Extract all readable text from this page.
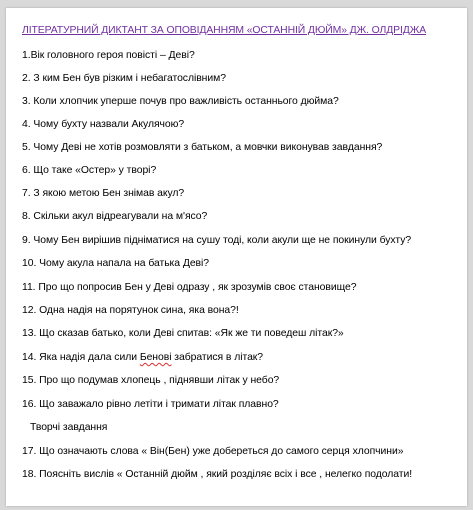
ЛІТЕРАТУРНИЙ ДИКТАНТ ЗА ОПОВІДАННЯМ «ОСТАННІЙ ДЮЙМ» ДЖ. ОЛДРІДЖА
1.Вік головного героя повісті – Деві?
2. З ким Бен був різким і небагатослівним?
3. Коли хлопчик уперше почув про важливість останнього дюйма?
4. Чому бухту назвали Акулячою?
5. Чому Деві не хотів розмовляти з батьком, а мовчки виконував завдання?
6. Що таке «Остер» у творі?
7. З якою метою Бен знімав акул?
8. Скільки акул відреагували на м'ясо?
9. Чому Бен вирішив підніматися на сушу тоді, коли акули ще не покинули бухту?
10. Чому акула напала на батька Деві?
11. Про що попросив Бен у Деві одразу , як зрозумів своє становище?
12. Одна надія на порятунок сина, яка вона?!
13. Що сказав батько, коли Деві спитав: «Як же ти поведеш літак?»
14. Яка надія дала сили Бенові забратися в літак?
15. Про що подумав хлопець , піднявши літак у небо?
16. Що заважало рівно летіти і тримати літак плавно?
Творчі завдання
17. Що означають слова « Він(Бен) уже добереться до самого серця хлопчини»
18. Поясніть вислів « Останній дюйм , який розділяє всіх і все , нелегко подолати!
